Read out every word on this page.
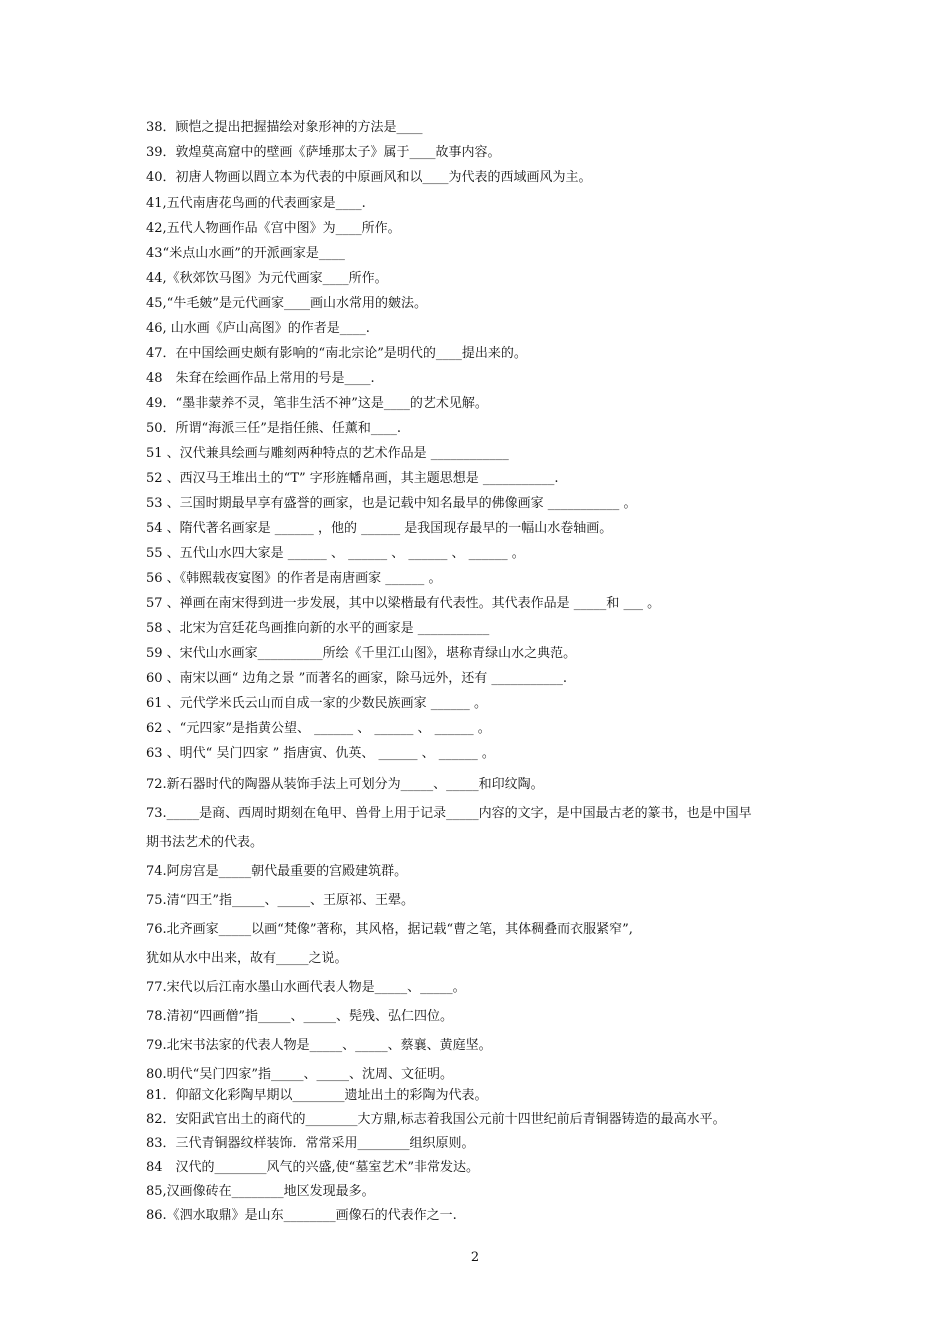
38．顾恺之提出把握描绘对象形神的方法是____
39．敦煌莫高窟中的壁画《萨埵那太子》属于____故事内容。
40．初唐人物画以閰立本为代表的中原画风和以____为代表的西域画风为主。
41,五代南唐花鸟画的代表画家是____.
42,五代人物画作品《宫中图》为____所作。
43“米点山水画”的开派画家是____
44,《秋郊饮马图》为元代画家____所作。
45,“牛毛皴”是元代画家____画山水常用的皴法。
46, 山水画《庐山高图》的作者是____.
47．在中国绘画史颇有影响的“南北宗论”是明代的____提出来的。
48　朱耷在绘画作品上常用的号是____.
49．“墨非蒙养不灵，笔非生活不神”这是____的艺术见解。
50．所谓“海派三任”是指任熊、任薰和____.
51 、汉代兼具绘画与雕刻两种特点的艺术作品是 ____________
52 、西汉马王堆出土的“T” 字形旌幡帛画，其主题思想是 ___________.
53 、三国时期最早享有盛誉的画家，也是记载中知名最早的佛像画家 ___________ 。
54 、隋代著名画家是 ______ ，他的 ______ 是我国现存最早的一幅山水卷轴画。
55 、五代山水四大家是 ______ 、 ______ 、 ______ 、 ______ 。
56 、《韩熙载夜宴图》的作者是南唐画家 ______ 。
57 、禅画在南宋得到进一步发展，其中以梁楷最有代表性。其代表作品是 _____和 ___ 。
58 、北宋为宫廷花鸟画推向新的水平的画家是 ___________
59 、宋代山水画家__________所绘《千里江山图》，堪称青绿山水之典范。
60 、南宋以画“ 边角之景 ”而著名的画家，除马远外，还有 ___________.
61 、元代学米氏云山而自成一家的少数民族画家 ______ 。
62 、“元四家”是指黄公望、 ______ 、 ______ 、 ______ 。
63 、明代“ 吴门四家 ” 指唐寅、仇英、 ______ 、 ______ 。
72.新石器时代的陶器从装饰手法上可划分为_____、_____和印纹陶。
73._____是商、西周时期刻在龟甲、兽骨上用于记录_____内容的文字，是中国最古老的篆书，也是中国早
期书法艺术的代表。
74.阿房宫是_____朝代最重要的宫殿建筑群。
75.清“四王”指_____、_____、王原祁、王翚。
76.北齐画家_____以画“梵像”著称，其风格，据记载“曹之笔，其体稠叠而衣服紧窄”,
犹如从水中出来，故有_____之说。
77.宋代以后江南水墨山水画代表人物是_____、_____。
78.清初“四画僧”指_____、_____、髡残、弘仁四位。
79.北宋书法家的代表人物是_____、_____、蔡襄、黄庭坚。
80.明代“吴门四家”指_____、_____、沈周、文征明。
81．仰韶文化彩陶早期以________遗址出土的彩陶为代表。
82．安阳武官出土的商代的________大方鼎,标志着我国公元前十四世纪前后青铜器铸造的最高水平。
83．三代青铜器纹样装饰．常常采用________组织原则。
84　汉代的________风气的兴盛,使“墓室艺术”非常发达。
85,汉画像砖在________地区发现最多。
86.《泗水取鼎》是山东________画像石的代表作之一.
2
